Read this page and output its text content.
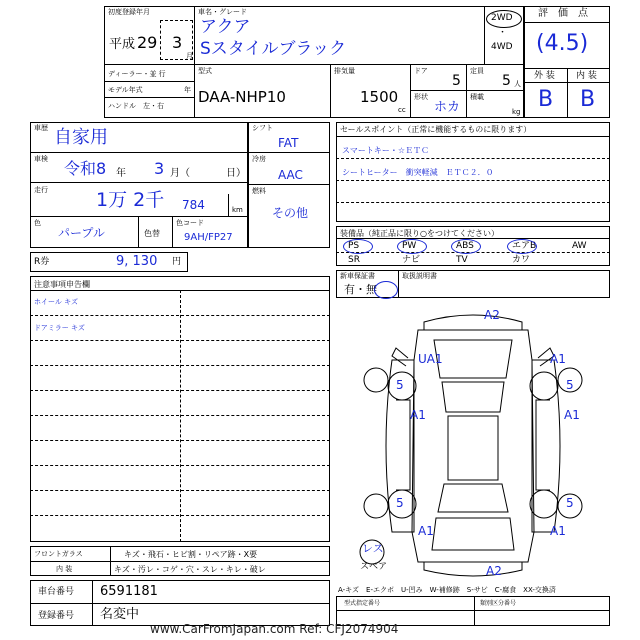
初度登録年月
平成 29 3
月
車名・グレード
アクア
Sスタイルブラック
2WD
・
4WD
評　価　点
(4.5)
外 装 内 装
B B
ディーラー・並 行
モデル年式	年
ハンドル　左・右
型式
DAA-NHP10
排気量
1500
cc
ドア
5
定員
5 人
形状
ホカ
積載
kg
車歴 自家用
車検 令和8 年 3 月（	日）
走行	1万 2千 784	km
色
パープル	色替
色コード
9AH/FP27
シフト
FAT
冷房
AAC
燃料
その他
R券	9, 130 円
セールスポイント（正常に機能するものに限ります）
スマートキー・☆ＥＴＣ
シートヒーター　衝突軽減　ＥＴＣ２．０
装備品（純正品に限り○をつけてください）
新車保証書
有・無
取扱説明書
注意事項申告欄
ホイール キズ
ドアミラー キズ
スペア
A-キズ　E-エクボ　U-凹み　W-補修跡　S-サビ　C-腐食　XX-交換済
型式指定番号	類別区分番号
フロントガラス
内 装
キズ・飛石・ヒビ割・リペア跡・X要
キズ・汚レ・コゲ・穴・スレ・キレ・破レ
車台番号 6591181
登録番号 名変中
www.CarFromJapan.com Ref: CFJ2074904
PS	PW	ABS	エアB	AW
SR	ナビ	TV	カワ
A2
UA1	A1
5	5
A1	A1
5	5
A1	A1
A2
レス
